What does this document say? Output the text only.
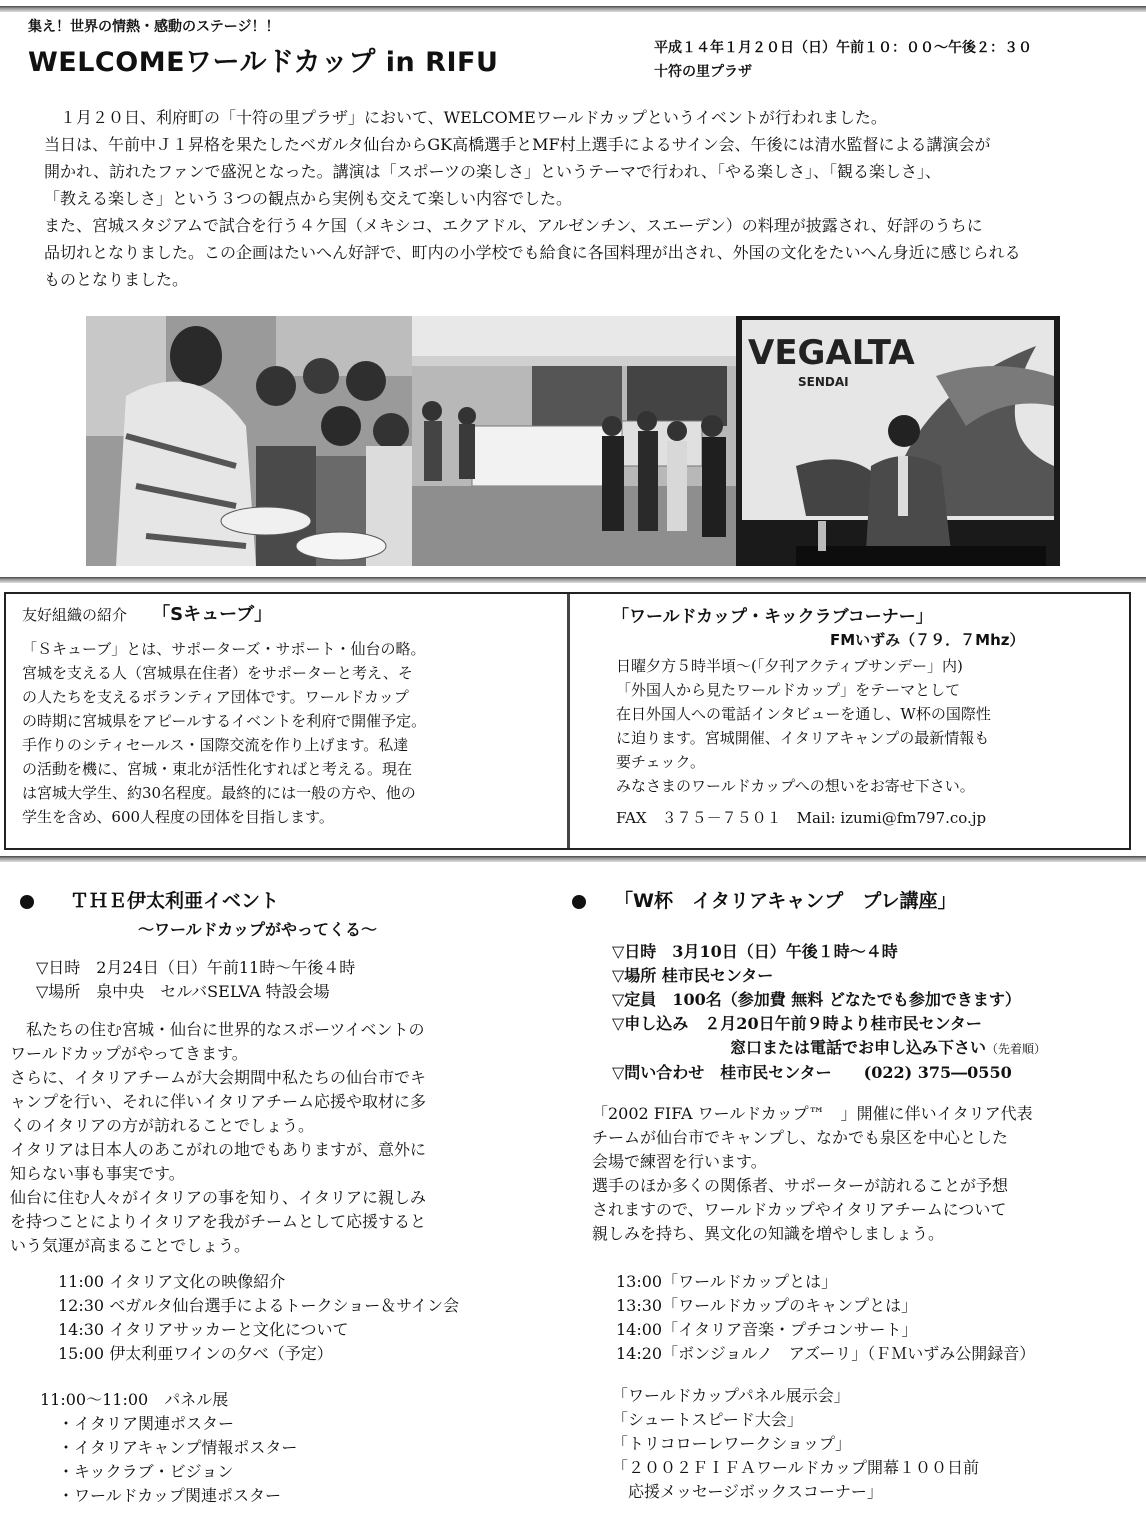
集え！世界の情熱・感動のステージ！！
WELCOMEワールドカップ in RIFU	平成１４年１月２０日（日）午前１０：００～午後２：３０
十符の里プラザ

　１月２０日、利府町の「十符の里プラザ」において、WELCOMEワールドカップというイベントが行われました。

当日は、午前中Ｊ１昇格を果たしたベガルタ仙台からGK高橋選手とMF村上選手によるサイン会、午後には清水監督による講演会が

開かれ、訪れたファンで盛況となった。講演は「スポーツの楽しさ」というテーマで行われ、「やる楽しさ」、「観る楽しさ」、

「教える楽しさ」という３つの観点から実例も交えて楽しい内容でした。

また、宮城スタジアムで試合を行う４ケ国（メキシコ、エクアドル、アルゼンチン、スエーデン）の料理が披露され、好評のうちに

品切れとなりました。この企画はたいへん好評で、町内の小学校でも給食に各国料理が出され、外国の文化をたいへん身近に感じられる

ものとなりました。

VEGALTA
SENDAI
友好組織の紹介 「Sキューブ」

「Ｓキューブ」とは、サポーターズ・サポート・仙台の略。

宮城を支える人（宮城県在住者）をサポーターと考え、そ

の人たちを支えるボランティア団体です。ワールドカップ

の時期に宮城県をアピールするイベントを利府で開催予定。

手作りのシティセールス・国際交流を作り上げます。私達

の活動を機に、宮城・東北が活性化すればと考える。現在

は宮城大学生、約30名程度。最終的には一般の方や、他の

学生を含め、600人程度の団体を目指します。

「ワールドカップ・キックラブコーナー」
FMいずみ（７９．７Mhz）

日曜夕方５時半頃～(「夕刊アクティブサンデー」内)

「外国人から見たワールドカップ」をテーマとして

在日外国人への電話インタビューを通し、W杯の国際性

に迫ります。宮城開催、イタリアキャンプの最新情報も

要チェック。

みなさまのワールドカップへの想いをお寄せ下さい。

FAX　３７５－７５０１　Mail: izumi@fm797.co.jp

ＴＨＥ伊太利亜イベント
～ワールドカップがやってくる～

▽日時　2月24日（日）午前11時～午後４時

▽場所　泉中央　セルバSELVA 特設会場

　私たちの住む宮城・仙台に世界的なスポーツイベントの

ワールドカップがやってきます。

さらに、イタリアチームが大会期間中私たちの仙台市でキ

ャンプを行い、それに伴いイタリアチーム応援や取材に多

くのイタリアの方が訪れることでしょう。

イタリアは日本人のあこがれの地でもありますが、意外に

知らない事も事実です。

仙台に住む人々がイタリアの事を知り、イタリアに親しみ

を持つことによりイタリアを我がチームとして応援すると

いう気運が高まることでしょう。

11:00 イタリア文化の映像紹介

12:30 ベガルタ仙台選手によるトークショー＆サイン会

14:30 イタリアサッカーと文化について

15:00 伊太利亜ワインの夕べ（予定）

11:00～11:00　パネル展

・イタリア関連ポスター

・イタリアキャンプ情報ポスター

・キックラブ・ビジョン

・ワールドカップ関連ポスター

「W杯　イタリアキャンプ　プレ講座」

▽日時　3月10日（日）午後１時～４時

▽場所 桂市民センター

▽定員　100名（参加費 無料 どなたでも参加できます）

▽申し込み　２月20日午前９時より桂市民センター

窓口または電話でお申し込み下さい（先着順）

▽問い合わせ　桂市民センター　　(022) 375―0550

「2002 FIFA ワールドカップ™　」開催に伴いイタリア代表

チームが仙台市でキャンプし、なかでも泉区を中心とした

会場で練習を行います。

選手のほか多くの関係者、サポーターが訪れることが予想

されますので、ワールドカップやイタリアチームについて

親しみを持ち、異文化の知識を増やしましょう。

13:00「ワールドカップとは」

13:30「ワールドカップのキャンプとは」

14:00「イタリア音楽・プチコンサート」

14:20「ボンジョルノ　アズーリ」（ＦＭいずみ公開録音）

「ワールドカップパネル展示会」

「シュートスピード大会」

「トリコローレワークショップ」

「２００２ＦＩＦＡワールドカップ開幕１００日前

　応援メッセージボックスコーナー」
